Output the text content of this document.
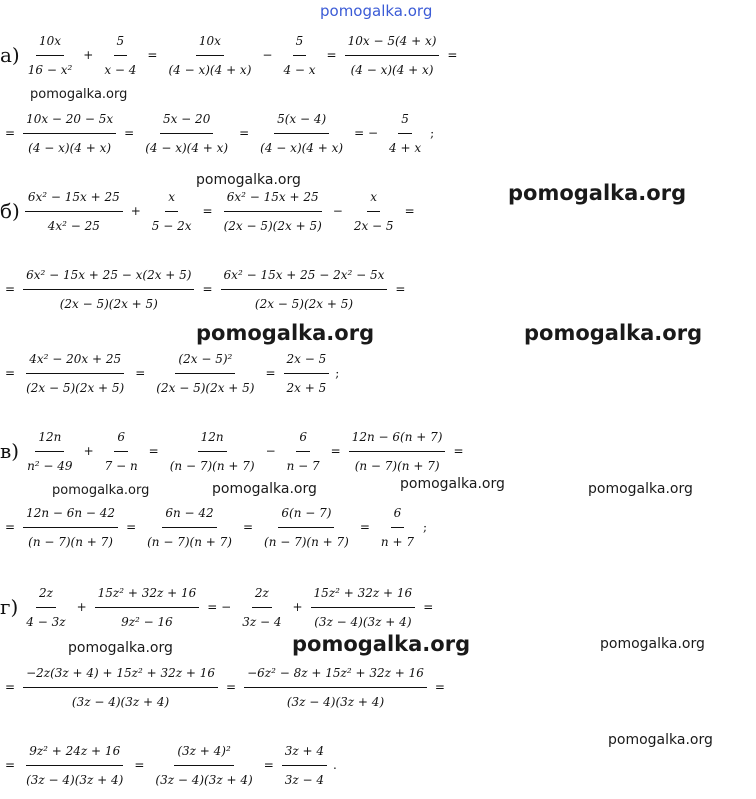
pomogalka.org
pomogalka.org
pomogalka.org
pomogalka.org
pomogalka.org	pomogalka.org
pomogalka.org	pomogalka.org	pomogalka.org	pomogalka.org
pomogalka.org	pomogalka.org	pomogalka.org
pomogalka.org
$а) \frac{10x}{\text{16 − x²}} + \frac{5}{x - 4} = \frac{10x}{(4 - x)(4 + x)} - \frac{5}{4 - x} = \frac{10x - 5(4 + x)}{(4 - x)(4 + x)}$ =
= $\frac{10x - 20 - 5x}{(4 - x)(4 + x)} = \frac{5x - 20}{(4 - x)(4 + x)} = \frac{5(x - 4)}{(4 - x)(4 + x)}$ = − $\frac{5}{4 + x}$ ;
$б) \frac{\text{6x² − 15x + 25}}{\text{4x² − 25}} + \frac{x}{5 - 2x} = \frac{\text{6x² − 15x + 25}}{(2x - 5)(2x + 5)} - \frac{x}{2x - 5}$ =
= $\frac{\text{6x² − 15x + 25 − x(2x + 5)}}{(2x - 5)(2x + 5)} = \frac{\text{6x² − 15x + 25 − 2x² − 5x}}{(2x - 5)(2x + 5)}$ =
= $\frac{\text{4x² − 20x + 25}}{(2x - 5)(2x + 5)} = \frac{\text{(2x − 5)²}}{(2x - 5)(2x + 5)} = \frac{2x - 5}{2x + 5}$ ;
$в) \frac{12n}{\text{n² − 49}} + \frac{6}{7 - n} = \frac{12n}{(n - 7)(n + 7)} - \frac{6}{n - 7} = \frac{12n - 6(n + 7)}{(n - 7)(n + 7)}$ =
= $\frac{12n - 6n - 42}{(n - 7)(n + 7)} = \frac{6n - 42}{(n - 7)(n + 7)} = \frac{6(n - 7)}{(n - 7)(n + 7)} = \frac{6}{n + 7}$ ;
$г) \frac{2z}{4 - 3z} + \frac{\text{15z² + 32z + 16}}{\text{9z² − 16}}$ = − $\frac{2z}{3z - 4} + \frac{\text{15z² + 32z + 16}}{(3z - 4)(3z + 4)}$ =
= $\frac{\text{−2z(3z + 4) + 15z² + 32z + 16}}{(3z - 4)(3z + 4)} = \frac{\text{−6z² − 8z + 15z² + 32z + 16}}{(3z - 4)(3z + 4)}$ =
= $\frac{\text{9z² + 24z + 16}}{(3z - 4)(3z + 4)} = \frac{\text{(3z + 4)²}}{(3z - 4)(3z + 4)} = \frac{3z + 4}{3z - 4}$ .
